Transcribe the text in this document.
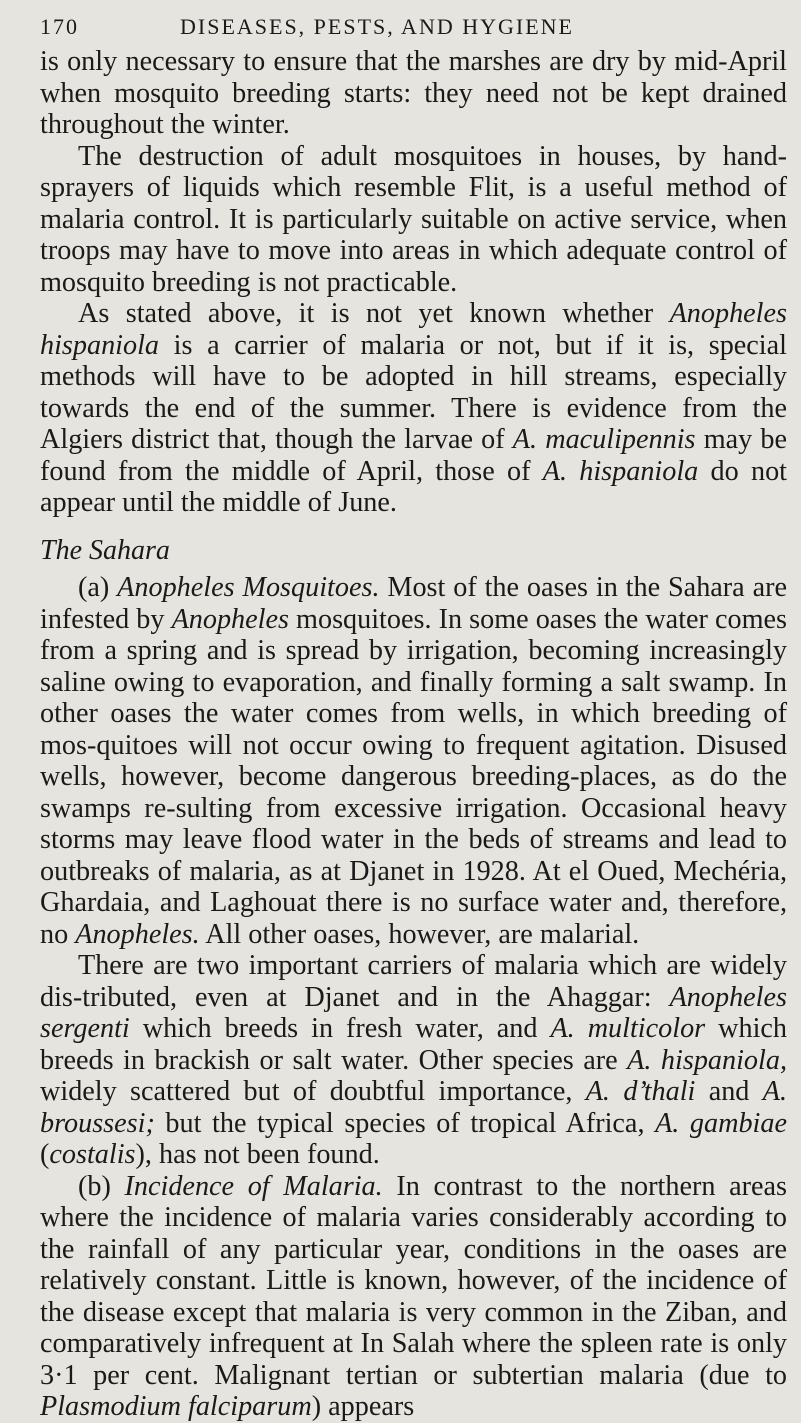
170	DISEASES, PESTS, AND HYGIENE

is only necessary to ensure that the marshes are dry by mid-April when mosquito breeding starts: they need not be kept drained throughout the winter.

The destruction of adult mosquitoes in houses, by hand-sprayers of liquids which resemble Flit, is a useful method of malaria control. It is particularly suitable on active service, when troops may have to move into areas in which adequate control of mosquito breeding is not practicable.

As stated above, it is not yet known whether Anopheles hispaniola is a carrier of malaria or not, but if it is, special methods will have to be adopted in hill streams, especially towards the end of the summer. There is evidence from the Algiers district that, though the larvae of A. maculipennis may be found from the middle of April, those of A. hispaniola do not appear until the middle of June.

The Sahara

(a) Anopheles Mosquitoes. Most of the oases in the Sahara are infested by Anopheles mosquitoes. In some oases the water comes from a spring and is spread by irrigation, becoming increasingly saline owing to evaporation, and finally forming a salt swamp. In other oases the water comes from wells, in which breeding of mos-quitoes will not occur owing to frequent agitation. Disused wells, however, become dangerous breeding-places, as do the swamps re-sulting from excessive irrigation. Occasional heavy storms may leave flood water in the beds of streams and lead to outbreaks of malaria, as at Djanet in 1928. At el Oued, Mechéria, Ghardaia, and Laghouat there is no surface water and, therefore, no Anopheles. All other oases, however, are malarial.

There are two important carriers of malaria which are widely dis-tributed, even at Djanet and in the Ahaggar: Anopheles sergenti which breeds in fresh water, and A. multicolor which breeds in brackish or salt water. Other species are A. hispaniola, widely scattered but of doubtful importance, A. d’thali and A. broussesi; but the typical species of tropical Africa, A. gambiae (costalis), has not been found.

(b) Incidence of Malaria. In contrast to the northern areas where the incidence of malaria varies considerably according to the rainfall of any particular year, conditions in the oases are relatively constant. Little is known, however, of the incidence of the disease except that malaria is very common in the Ziban, and comparatively infrequent at In Salah where the spleen rate is only 3·1 per cent. Malignant tertian or subtertian malaria (due to Plasmodium falciparum) appears
